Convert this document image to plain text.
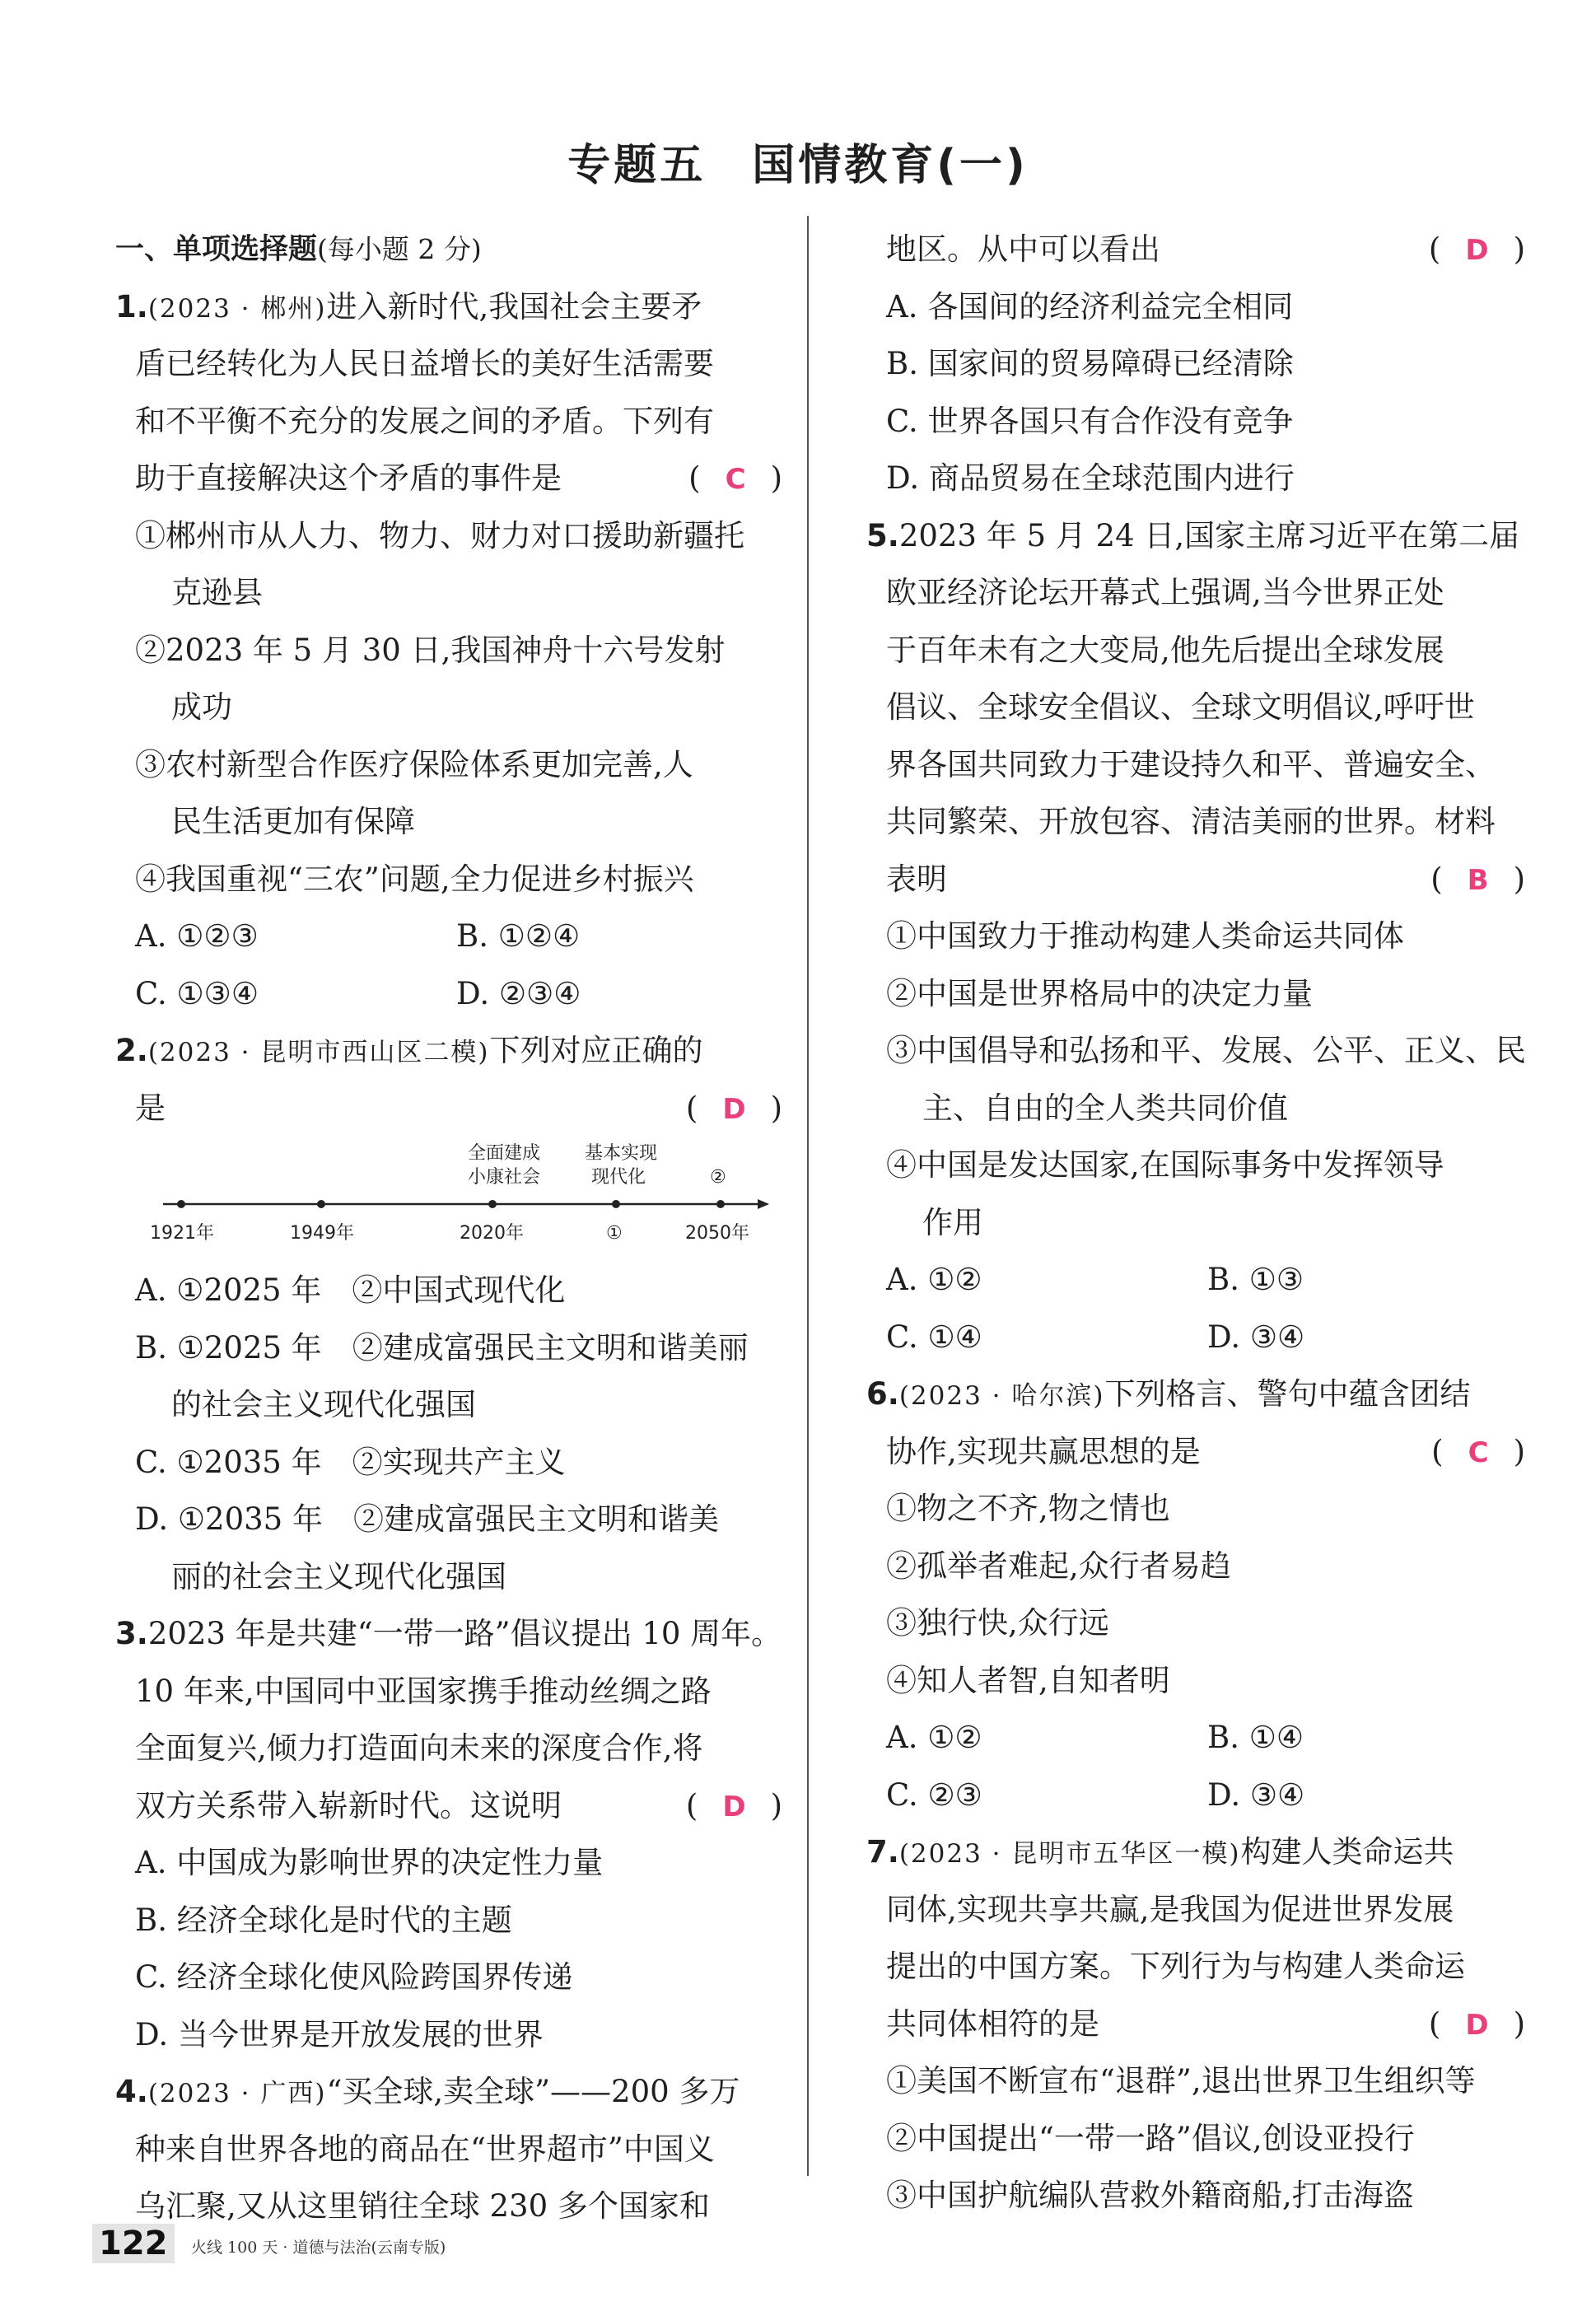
专题五　国情教育(一)
一、单项选择题(每小题 2 分)
1.(2023 · 郴州)进入新时代,我国社会主要矛
盾已经转化为人民日益增长的美好生活需要
和不平衡不充分的发展之间的矛盾。下列有
助于直接解决这个矛盾的事件是	( C )
①郴州市从人力、物力、财力对口援助新疆托
克逊县
②2023 年 5 月 30 日,我国神舟十六号发射
成功
③农村新型合作医疗保险体系更加完善,人
民生活更加有保障
④我国重视“三农”问题,全力促进乡村振兴
A. ①②③	B. ①②④
C. ①③④	D. ②③④
2.(2023 · 昆明市西山区二模)下列对应正确的
是	( D )
全面建成
小康社会
基本实现
现代化	②
1921年	1949年	2020年	①	2050年
A. ①2025 年　②中国式现代化
B. ①2025 年　②建成富强民主文明和谐美丽
的社会主义现代化强国
C. ①2035 年　②实现共产主义
D. ①2035 年　②建成富强民主文明和谐美
丽的社会主义现代化强国
3.2023 年是共建“一带一路”倡议提出 10 周年。
10 年来,中国同中亚国家携手推动丝绸之路
全面复兴,倾力打造面向未来的深度合作,将
双方关系带入崭新时代。这说明	( D )
A. 中国成为影响世界的决定性力量
B. 经济全球化是时代的主题
C. 经济全球化使风险跨国界传递
D. 当今世界是开放发展的世界
4.(2023 · 广西)“买全球,卖全球”——200 多万
种来自世界各地的商品在“世界超市”中国义
乌汇聚,又从这里销往全球 230 多个国家和
地区。从中可以看出	( D )
A. 各国间的经济利益完全相同
B. 国家间的贸易障碍已经清除
C. 世界各国只有合作没有竞争
D. 商品贸易在全球范围内进行
5.2023 年 5 月 24 日,国家主席习近平在第二届
欧亚经济论坛开幕式上强调,当今世界正处
于百年未有之大变局,他先后提出全球发展
倡议、全球安全倡议、全球文明倡议,呼吁世
界各国共同致力于建设持久和平、普遍安全、
共同繁荣、开放包容、清洁美丽的世界。材料
表明	( B )
①中国致力于推动构建人类命运共同体
②中国是世界格局中的决定力量
③中国倡导和弘扬和平、发展、公平、正义、民
主、自由的全人类共同价值
④中国是发达国家,在国际事务中发挥领导
作用
A. ①②	B. ①③
C. ①④	D. ③④
6.(2023 · 哈尔滨)下列格言、警句中蕴含团结
协作,实现共赢思想的是	( C )
①物之不齐,物之情也
②孤举者难起,众行者易趋
③独行快,众行远
④知人者智,自知者明
A. ①②	B. ①④
C. ②③	D. ③④
7.(2023 · 昆明市五华区一模)构建人类命运共
同体,实现共享共赢,是我国为促进世界发展
提出的中国方案。下列行为与构建人类命运
共同体相符的是	( D )
①美国不断宣布“退群”,退出世界卫生组织等
②中国提出“一带一路”倡议,创设亚投行
③中国护航编队营救外籍商船,打击海盗
122	火线 100 天 · 道德与法治(云南专版)
